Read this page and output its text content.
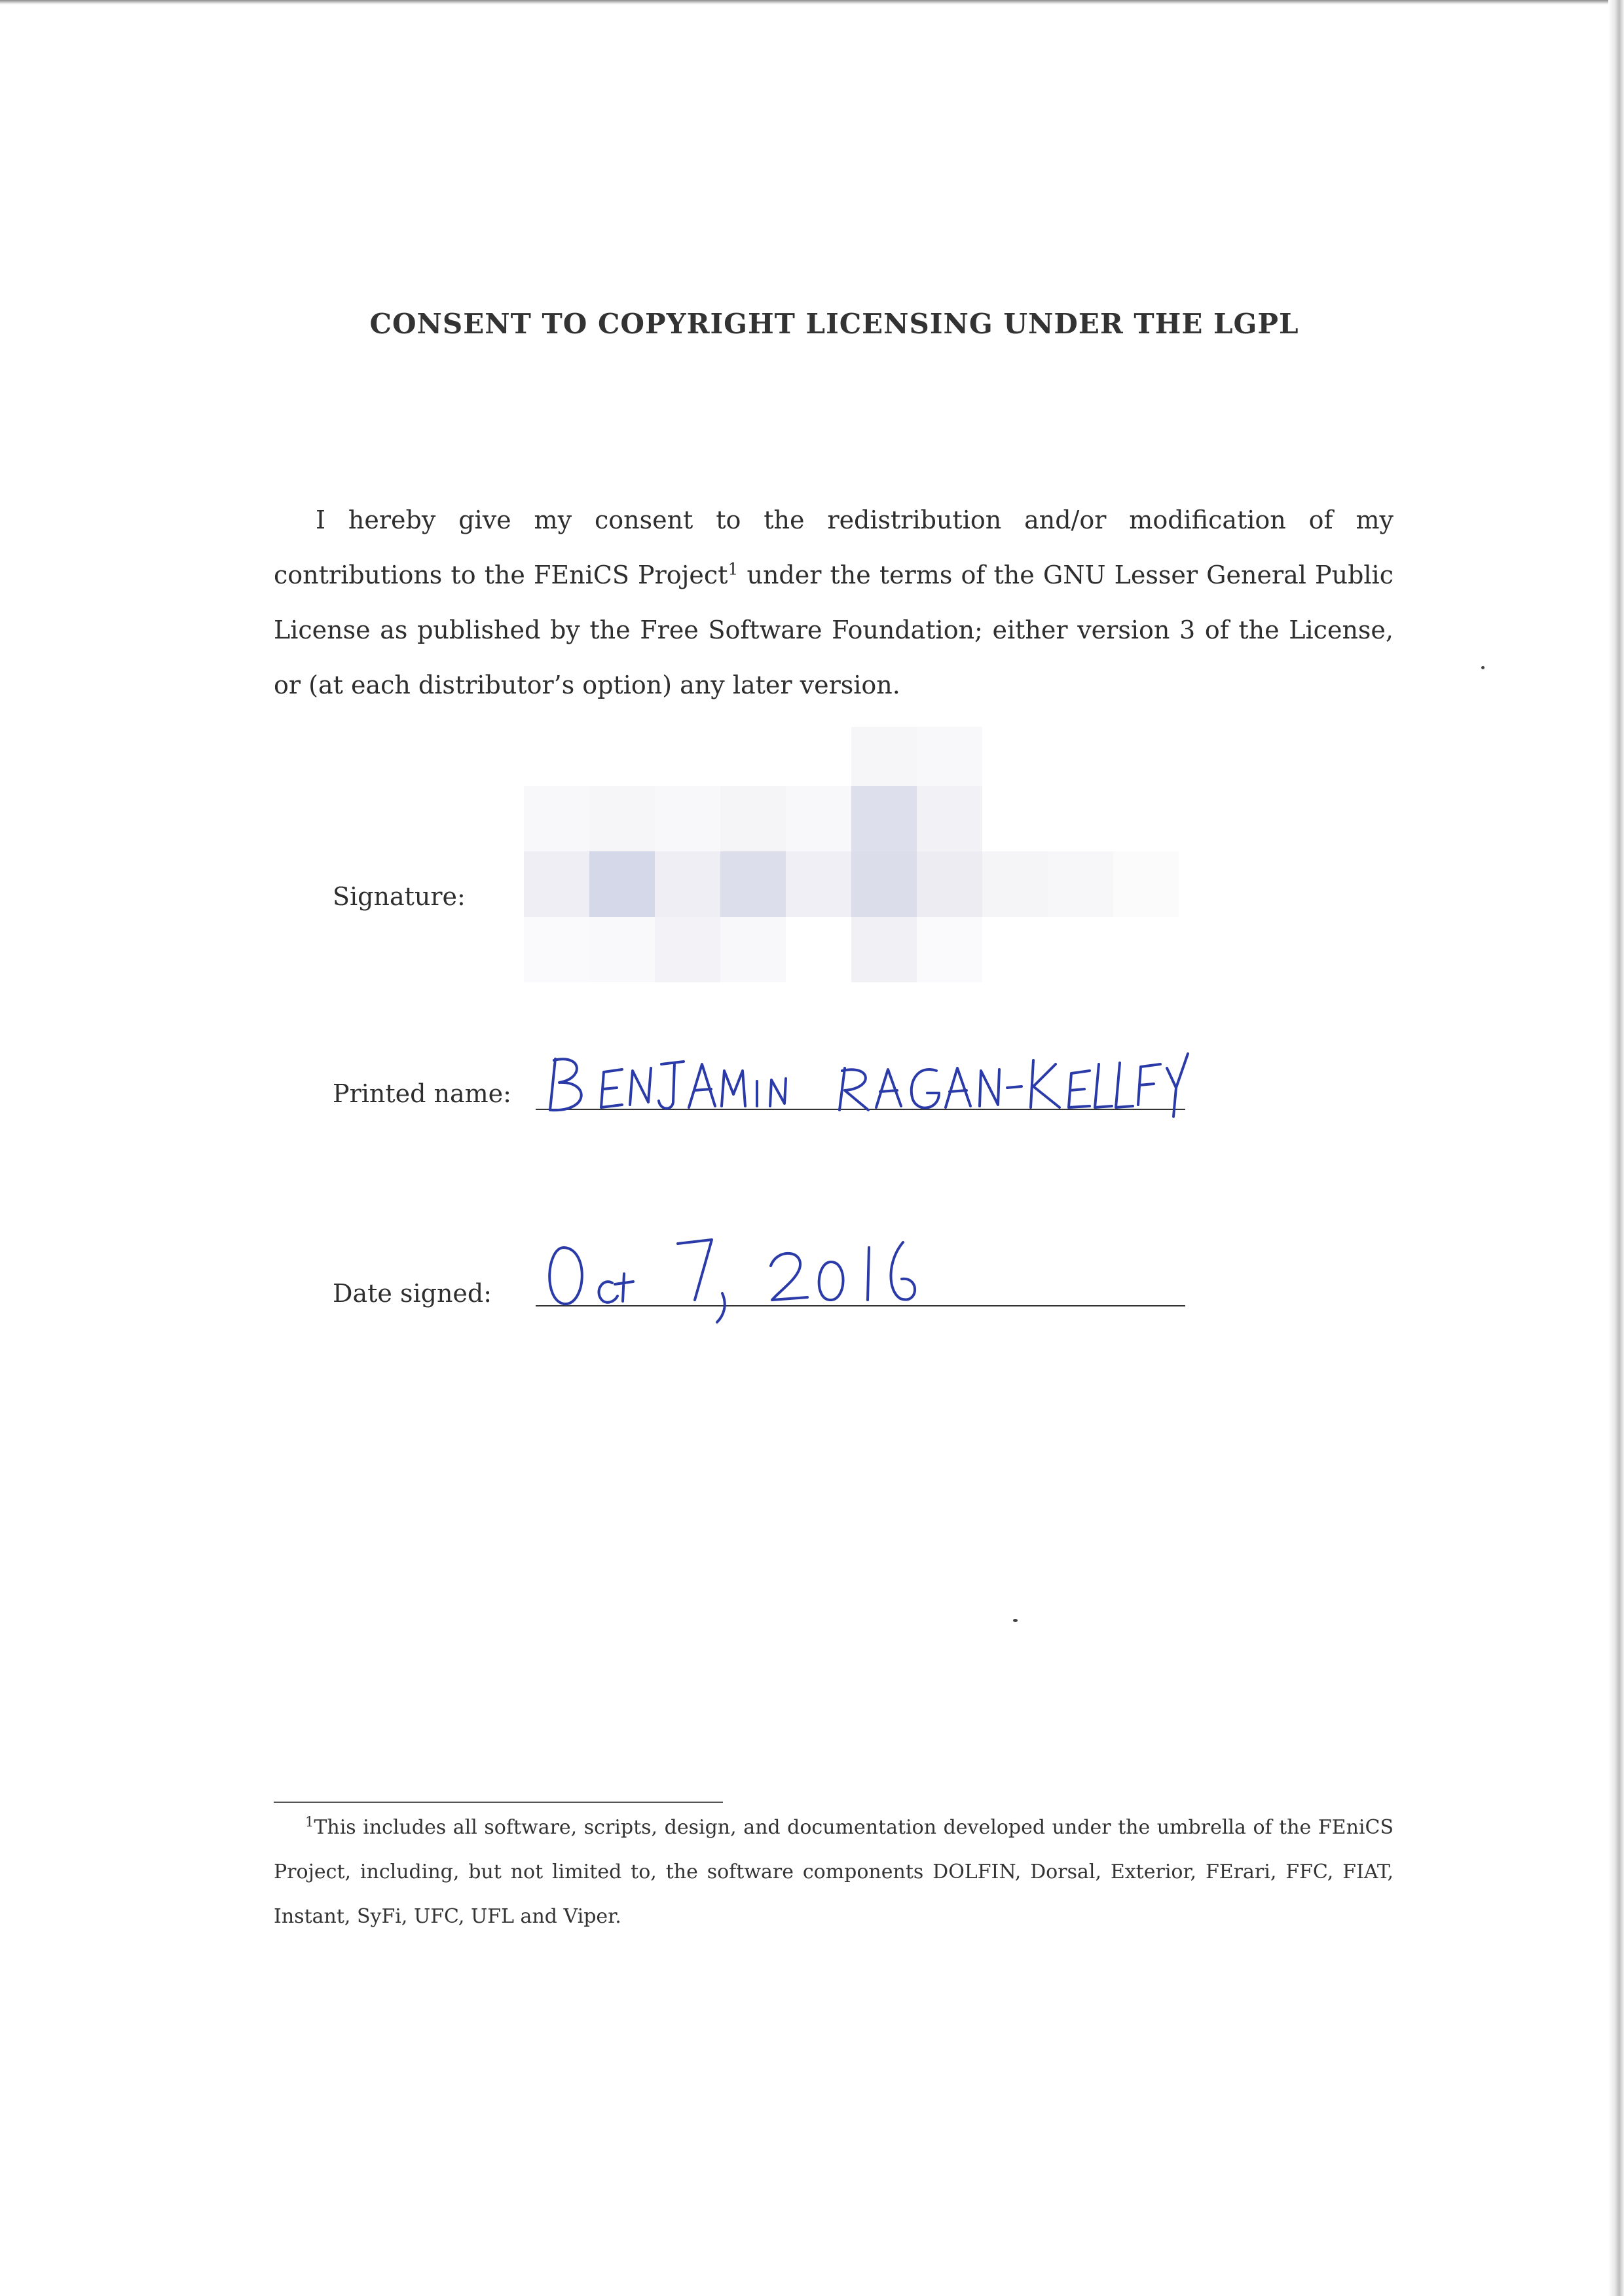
CONSENT TO COPYRIGHT LICENSING UNDER THE LGPL

I hereby give my consent to the redistribution and/or modification of my contributions to the FEniCS Project$^1$ under the terms of the GNU Lesser General Public License as published by the Free Software Foundation; either version 3 of the License, or (at each distributor’s option) any later version.

Signature:
Printed name:
Date signed:

$^1$This includes all software, scripts, design, and documentation developed under the umbrella of the FEniCS Project, including, but not limited to, the software components DOLFIN, Dorsal, Exterior, FErari, FFC, FIAT, Instant, SyFi, UFC, UFL and Viper.
